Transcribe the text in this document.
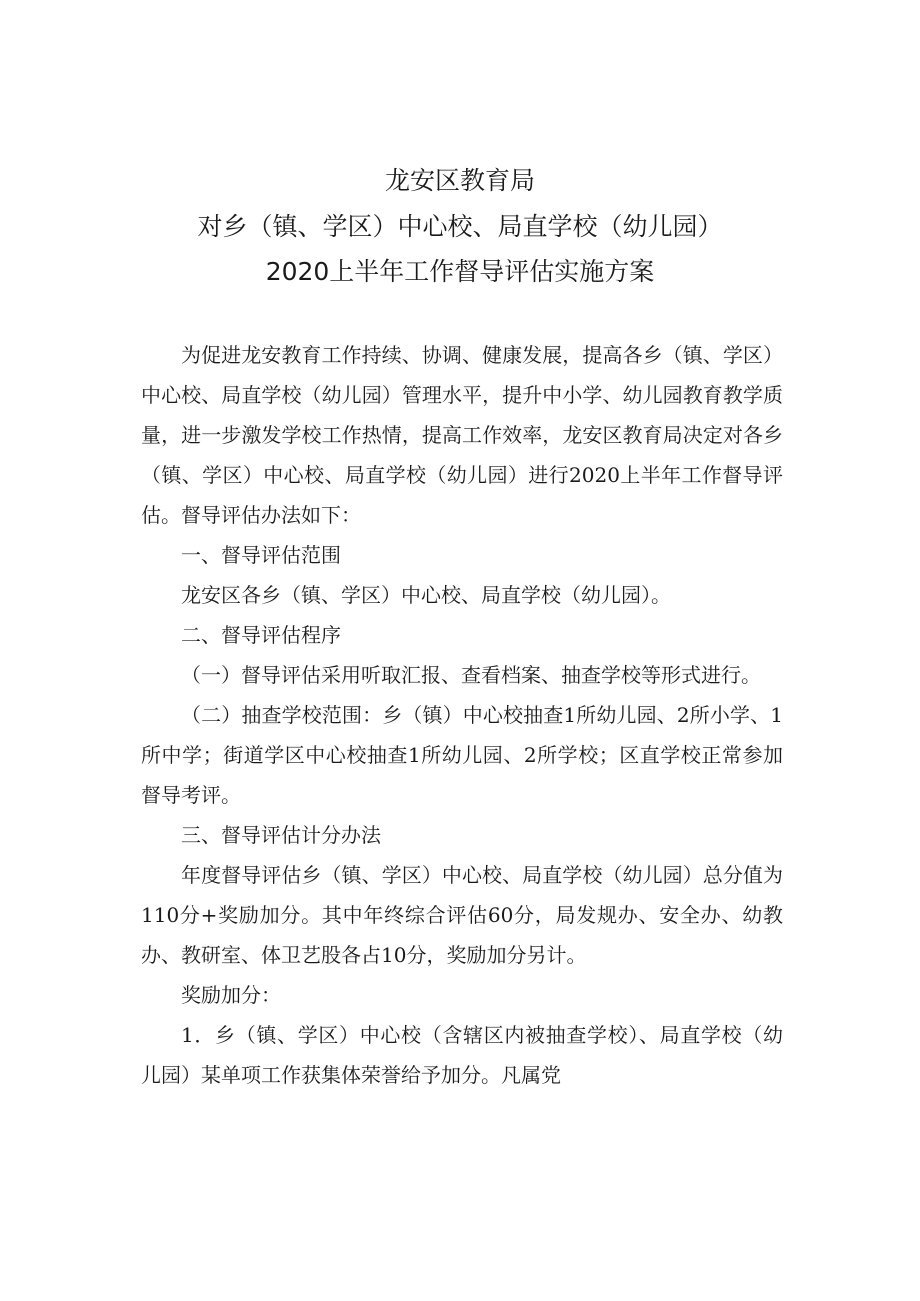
龙安区教育局
对乡（镇、学区）中心校、局直学校（幼儿园）
2020上半年工作督导评估实施方案

为促进龙安教育工作持续、协调、健康发展，提高各乡（镇、学区）中心校、局直学校（幼儿园）管理水平，提升中小学、幼儿园教育教学质量，进一步激发学校工作热情，提高工作效率，龙安区教育局决定对各乡（镇、学区）中心校、局直学校（幼儿园）进行2020上半年工作督导评估。督导评估办法如下：

一、督导评估范围

龙安区各乡（镇、学区）中心校、局直学校（幼儿园）。

二、督导评估程序

（一）督导评估采用听取汇报、查看档案、抽查学校等形式进行。

（二）抽查学校范围：乡（镇）中心校抽查1所幼儿园、2所小学、1所中学；街道学区中心校抽查1所幼儿园、2所学校；区直学校正常参加督导考评。

三、督导评估计分办法

年度督导评估乡（镇、学区）中心校、局直学校（幼儿园）总分值为110分+奖励加分。其中年终综合评估60分，局发规办、安全办、幼教办、教研室、体卫艺股各占10分，奖励加分另计。

奖励加分：

1．乡（镇、学区）中心校（含辖区内被抽查学校）、局直学校（幼儿园）某单项工作获集体荣誉给予加分。凡属党
